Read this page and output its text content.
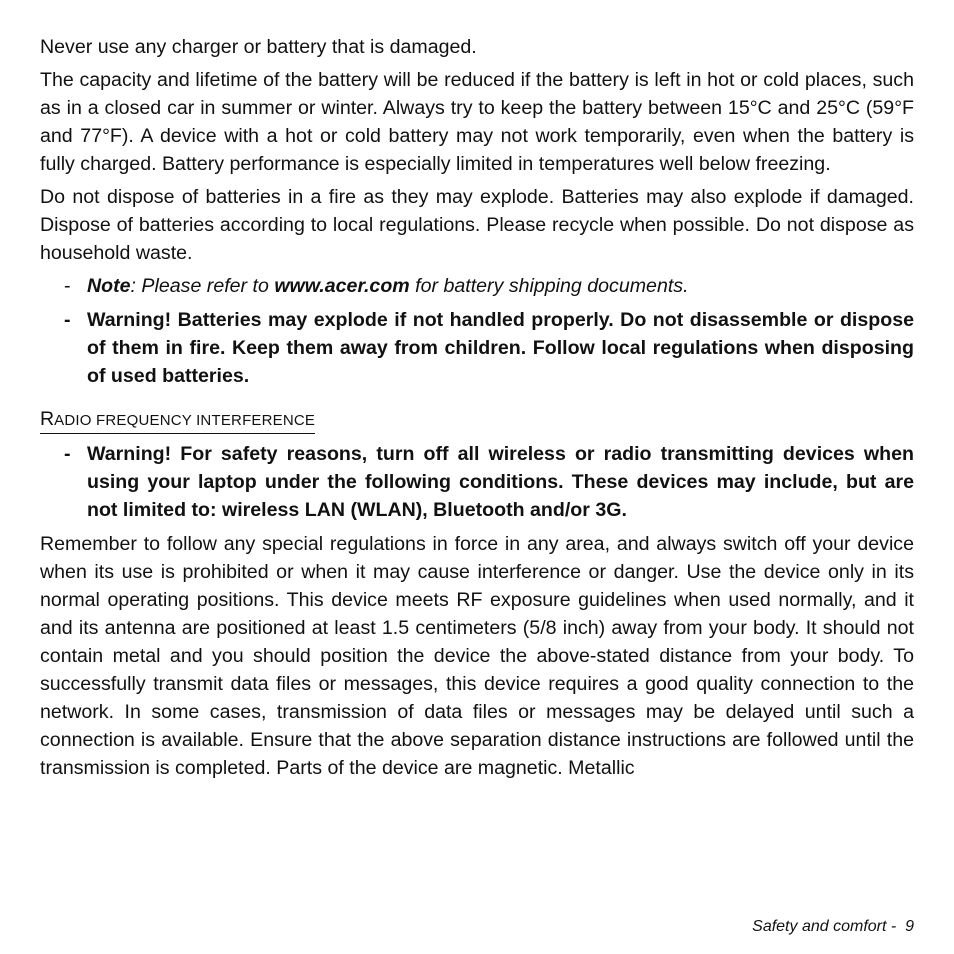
Never use any charger or battery that is damaged.

The capacity and lifetime of the battery will be reduced if the battery is left in hot or cold places, such as in a closed car in summer or winter. Always try to keep the battery between 15°C and 25°C (59°F and 77°F). A device with a hot or cold battery may not work temporarily, even when the battery is fully charged. Battery performance is especially limited in temperatures well below freezing.

Do not dispose of batteries in a fire as they may explode. Batteries may also explode if damaged. Dispose of batteries according to local regulations. Please recycle when possible. Do not dispose as household waste.

- Note: Please refer to www.acer.com for battery shipping documents.
- Warning! Batteries may explode if not handled properly. Do not disassemble or dispose of them in fire. Keep them away from children. Follow local regulations when disposing of used batteries.
RADIO FREQUENCY INTERFERENCE
- Warning! For safety reasons, turn off all wireless or radio transmitting devices when using your laptop under the following conditions. These devices may include, but are not limited to: wireless LAN (WLAN), Bluetooth and/or 3G.

Remember to follow any special regulations in force in any area, and always switch off your device when its use is prohibited or when it may cause interference or danger. Use the device only in its normal operating positions. This device meets RF exposure guidelines when used normally, and it and its antenna are positioned at least 1.5 centimeters (5/8 inch) away from your body. It should not contain metal and you should position the device the above-stated distance from your body. To successfully transmit data files or messages, this device requires a good quality connection to the network. In some cases, transmission of data files or messages may be delayed until such a connection is available. Ensure that the above separation distance instructions are followed until the transmission is completed. Parts of the device are magnetic. Metallic

Safety and comfort -  9
